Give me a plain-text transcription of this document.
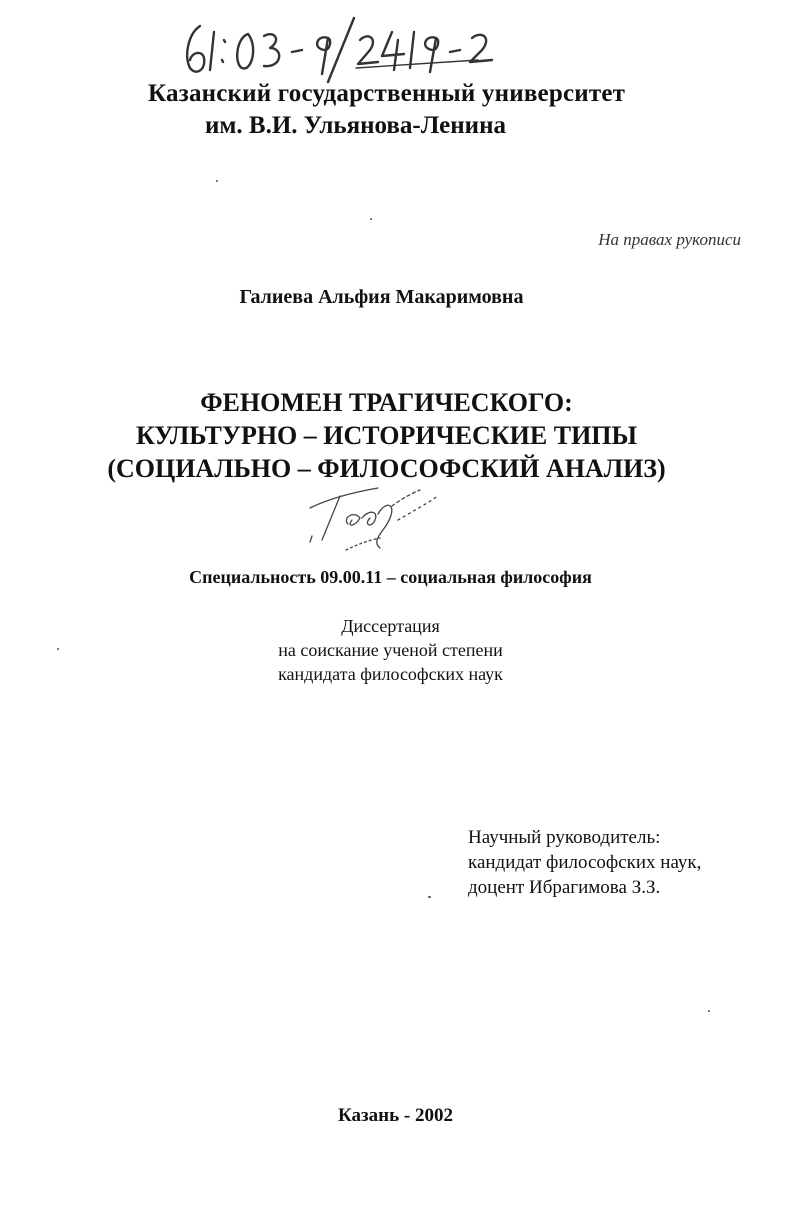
Казанский государственный университет

им. В.И. Ульянова-Ленина

На правах рукописи

Галиева Альфия Макаримовна

ФЕНОМЕН ТРАГИЧЕСКОГО:
КУЛЬТУРНО – ИСТОРИЧЕСКИЕ ТИПЫ
(СОЦИАЛЬНО – ФИЛОСОФСКИЙ АНАЛИЗ)

Специальность 09.00.11 – социальная философия

Диссертация
на соискание ученой степени
кандидата философских наук
Научный руководитель:
кандидат философских наук,
доцент Ибрагимова З.З.

Казань - 2002
